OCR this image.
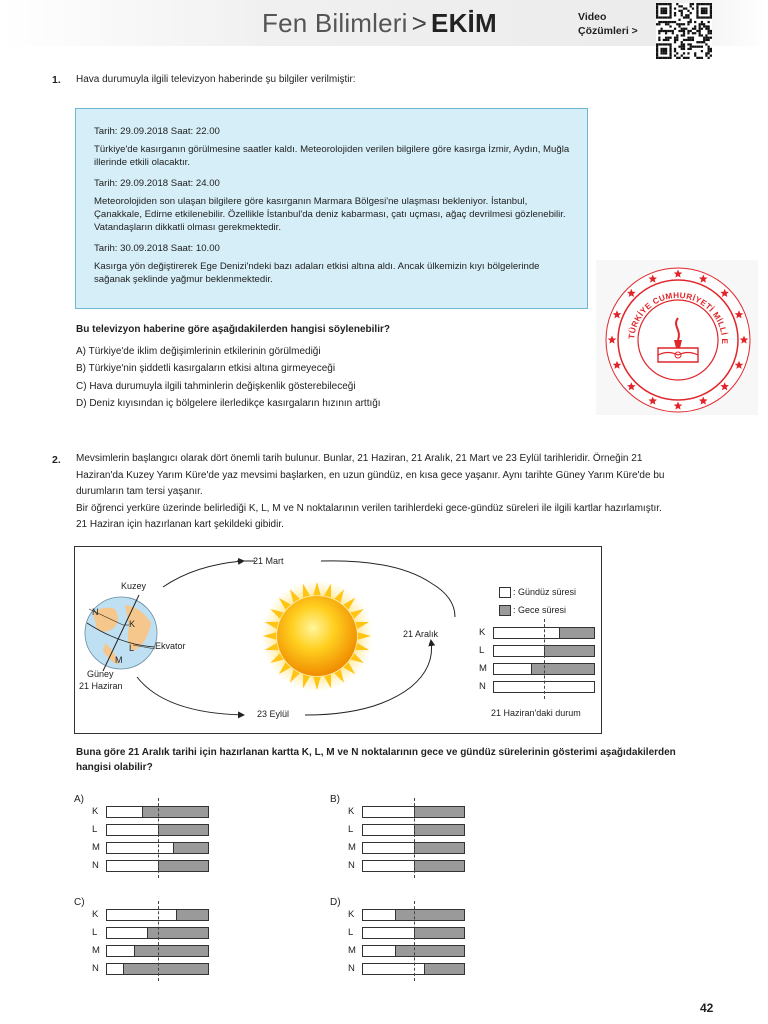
Fen Bilimleri > EKİM	Video
Çözümleri >
1. Hava durumuyla ilgili televizyon haberinde şu bilgiler verilmiştir:

Tarih: 29.09.2018 Saat: 22.00

Türkiye'de kasırganın görülmesine saatler kaldı. Meteorolojiden verilen bilgilere göre kasırga İzmir, Aydın, Muğla illerinde etkili olacaktır.

Tarih: 29.09.2018 Saat: 24.00

Meteorolojiden son ulaşan bilgilere göre kasırganın Marmara Bölgesi'ne ulaşması bekleniyor. İstanbul, Çanakkale, Edirne etkilenebilir. Özellikle İstanbul'da deniz kabarması, çatı uçması, ağaç devrilmesi gözlenebilir. Vatandaşların dikkatli olması gerekmektedir.

Tarih: 30.09.2018 Saat: 10.00

Kasırga yön değiştirerek Ege Denizi'ndeki bazı adaları etkisi altına aldı. Ancak ülkemizin kıyı bölgelerinde sağanak şeklinde yağmur beklenmektedir.

Bu televizyon haberine göre aşağıdakilerden hangisi söylenebilir?
A) Türkiye'de iklim değişimlerinin etkilerinin görülmediği
B) Türkiye'nin şiddetli kasırgaların etkisi altına girmeyeceği
C) Hava durumuyla ilgili tahminlerin değişkenlik gösterebileceği
D) Deniz kıyısından iç bölgelere ilerledikçe kasırgaların hızının arttığı
TÜRKİYE CUMHURİYETİ MİLLİ E
2. Mevsimlerin başlangıcı olarak dört önemli tarih bulunur. Bunlar, 21 Haziran, 21 Aralık, 21 Mart ve 23 Eylül tarihleridir. Örneğin 21 Haziran'da Kuzey Yarım Küre'de yaz mevsimi başlarken, en uzun gündüz, en kısa gece yaşanır. Aynı tarihte Güney Yarım Küre'de bu durumların tam tersi yaşanır.
Bir öğrenci yerküre üzerinde belirlediği K, L, M ve N noktalarının verilen tarihlerdeki gece-gündüz süreleri ile ilgili kartlar hazırlamıştır. 21 Haziran için hazırlanan kart şekildeki gibidir.
21 Mart
21 Aralık
23 Eylül
Kuzey
Güney
21 Haziran
Ekvator
N
K
L
M
: Gündüz süresi
: Gece süresi
K
L
M
N
21 Haziran'daki durum
Buna göre 21 Aralık tarihi için hazırlanan kartta K, L, M ve N noktalarının gece ve gündüz sürelerinin gösterimi aşağıdakilerden hangisi olabilir?
A)
K
L
M
N
B)
K
L
M
N
C)
K
L
M
N
D)
K
L
M
N
42
